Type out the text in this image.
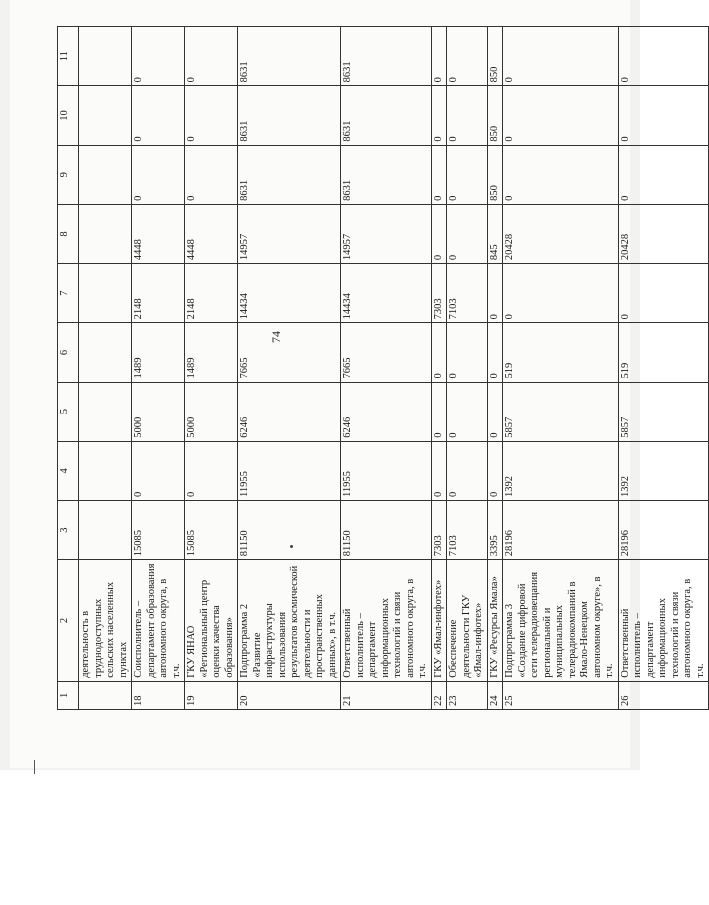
74
1	2	3	4	5	6	7	8	9	10	11
	деятельность в труднодоступных сельских населенных пунктах									
18	Соисполнитель – департамент образования автономного округа, в т.ч.	15085	0	5000	1489	2148	4448	0	0	0
19	ГКУ ЯНАО «Региональный центр оценки качества образования»	15085	0	5000	1489	2148	4448	0	0	0
20	Подпрограмма 2 «Развитие инфраструктуры использования результатов космической деятельности и пространственных данных», в т.ч.	81150	11955	6246	7665	14434	14957	8631	8631	8631
21	Ответственный исполнитель – департамент информационных технологий и связи автономного округа, в т.ч.	81150	11955	6246	7665	14434	14957	8631	8631	8631
22	ГКУ «Ямал-инфотех»	7303	0	0	0	7303	0	0	0	0
23	Обеспечение деятельности ГКУ «Ямал-инфотех»	7103	0	0	0	7103	0	0	0	0
24	ГКУ «Ресурсы Ямала»	3395	0	0	0	0	845	850	850	850
25	Подпрограмма 3 «Создание цифровой сети телерадиовещания региональной и муниципальных телерадиокомпаний в Ямало-Ненецком автономном округе», в т.ч.	28196	1392	5857	519	0	20428	0	0	0
26	Ответственный исполнитель – департамент информационных технологий и связи автономного округа, в т.ч.	28196	1392	5857	519	0	20428	0	0	0
